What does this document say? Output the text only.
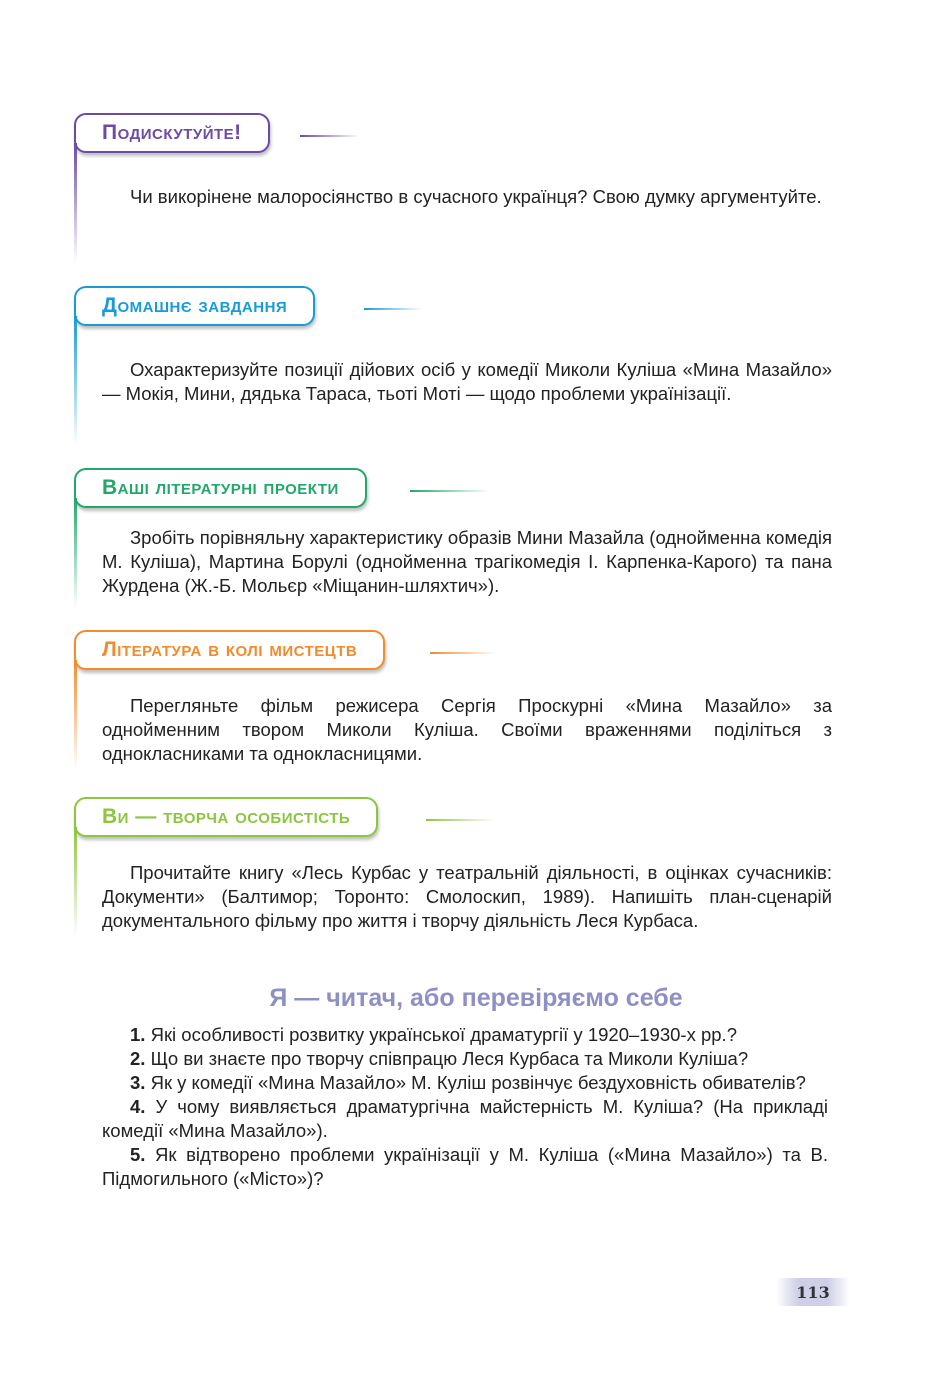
Подискутуйте!
Чи викорінене малоросіянство в сучасного українця? Свою думку аргументуйте.
Домашнє завдання
Охарактеризуйте позиції дійових осіб у комедії Миколи Куліша «Мина Мазайло» — Мокія, Мини, дядька Тараса, тьоті Моті — щодо проблеми українізації.
Ваші літературні проекти
Зробіть порівняльну характеристику образів Мини Мазайла (однойменна комедія М. Куліша), Мартина Борулі (однойменна трагікомедія І. Карпенка-Карого) та пана Журдена (Ж.-Б. Мольєр «Міщанин-шляхтич»).
Література в колі мистецтв
Перегляньте фільм режисера Сергія Проскурні «Мина Мазайло» за однойменним твором Миколи Куліша. Своїми враженнями поділіться з однокласниками та однокласницями.
Ви — творча особистість
Прочитайте книгу «Лесь Курбас у театральній діяльності, в оцінках сучасників: Документи» (Балтимор; Торонто: Смолоскип, 1989). Напишіть план-сценарій документального фільму про життя і творчу діяльність Леся Курбаса.
Я — читач, або перевіряємо себе

1. Які особливості розвитку української драматургії у 1920–1930-х рр.?

2. Що ви знаєте про творчу співпрацю Леся Курбаса та Миколи Куліша?

3. Як у комедії «Мина Мазайло» М. Куліш розвінчує бездуховність обивателів?

4. У чому виявляється драматургічна майстерність М. Куліша? (На прикладі комедії «Мина Мазайло»).

5. Як відтворено проблеми українізації у М. Куліша («Мина Мазайло») та В. Підмогильного («Місто»)?

113
